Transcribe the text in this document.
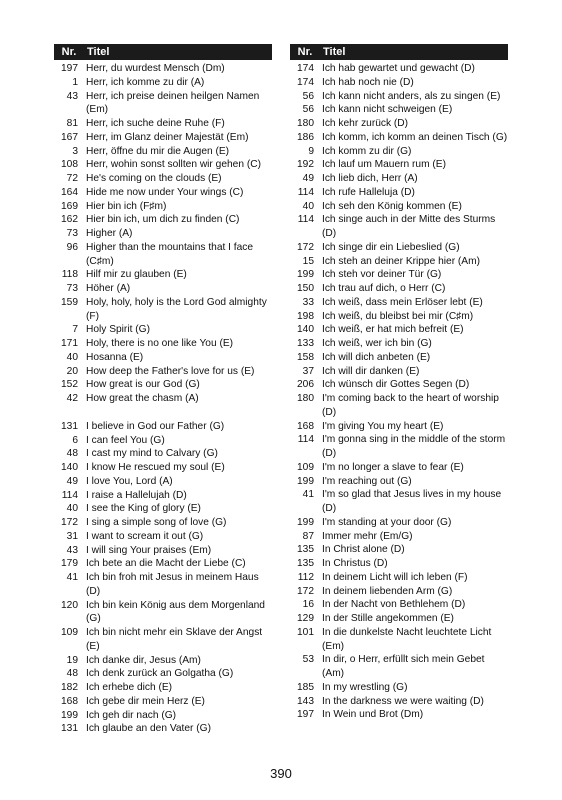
Nr. Titel
197 Herr, du wurdest Mensch (Dm)
1 Herr, ich komme zu dir (A)
43 Herr, ich preise deinen heilgen Namen (Em)
81 Herr, ich suche deine Ruhe (F)
167 Herr, im Glanz deiner Majestät (Em)
3 Herr, öffne du mir die Augen (E)
108 Herr, wohin sonst sollten wir gehen (C)
72 He's coming on the clouds (E)
164 Hide me now under Your wings (C)
169 Hier bin ich (F♯m)
162 Hier bin ich, um dich zu finden (C)
73 Higher (A)
96 Higher than the mountains that I face (C♯m)
118 Hilf mir zu glauben (E)
73 Höher (A)
159 Holy, holy, holy is the Lord God almighty (F)
7 Holy Spirit (G)
171 Holy, there is no one like You (E)
40 Hosanna (E)
20 How deep the Father's love for us (E)
152 How great is our God (G)
42 How great the chasm (A)
131 I believe in God our Father (G)
6 I can feel You (G)
48 I cast my mind to Calvary (G)
140 I know He rescued my soul (E)
49 I love You, Lord (A)
114 I raise a Hallelujah (D)
40 I see the King of glory (E)
172 I sing a simple song of love (G)
31 I want to scream it out (G)
43 I will sing Your praises (Em)
179 Ich bete an die Macht der Liebe (C)
41 Ich bin froh mit Jesus in meinem Haus (D)
120 Ich bin kein König aus dem Morgenland (G)
109 Ich bin nicht mehr ein Sklave der Angst (E)
19 Ich danke dir, Jesus (Am)
48 Ich denk zurück an Golgatha (G)
182 Ich erhebe dich (E)
168 Ich gebe dir mein Herz (E)
199 Ich geh dir nach (G)
131 Ich glaube an den Vater (G)
Nr. Titel
174 Ich hab gewartet und gewacht (D)
174 Ich hab noch nie (D)
56 Ich kann nicht anders, als zu singen (E)
56 Ich kann nicht schweigen (E)
180 Ich kehr zurück (D)
186 Ich komm, ich komm an deinen Tisch (G)
9 Ich komm zu dir (G)
192 Ich lauf um Mauern rum (E)
49 Ich lieb dich, Herr (A)
114 Ich rufe Halleluja (D)
40 Ich seh den König kommen (E)
114 Ich singe auch in der Mitte des Sturms (D)
172 Ich singe dir ein Liebeslied (G)
15 Ich steh an deiner Krippe hier (Am)
199 Ich steh vor deiner Tür (G)
150 Ich trau auf dich, o Herr (C)
33 Ich weiß, dass mein Erlöser lebt (E)
198 Ich weiß, du bleibst bei mir (C♯m)
140 Ich weiß, er hat mich befreit (E)
133 Ich weiß, wer ich bin (G)
158 Ich will dich anbeten (E)
37 Ich will dir danken (E)
206 Ich wünsch dir Gottes Segen (D)
180 I'm coming back to the heart of worship (D)
168 I'm giving You my heart (E)
114 I'm gonna sing in the middle of the storm (D)
109 I'm no longer a slave to fear (E)
199 I'm reaching out (G)
41 I'm so glad that Jesus lives in my house (D)
199 I'm standing at your door (G)
87 Immer mehr (Em/G)
135 In Christ alone (D)
135 In Christus (D)
112 In deinem Licht will ich leben (F)
172 In deinem liebenden Arm (G)
16 In der Nacht von Bethlehem (D)
129 In der Stille angekommen (E)
101 In die dunkelste Nacht leuchtete Licht (Em)
53 In dir, o Herr, erfüllt sich mein Gebet (Am)
185 In my wrestling (G)
143 In the darkness we were waiting (D)
197 In Wein und Brot (Dm)
390
